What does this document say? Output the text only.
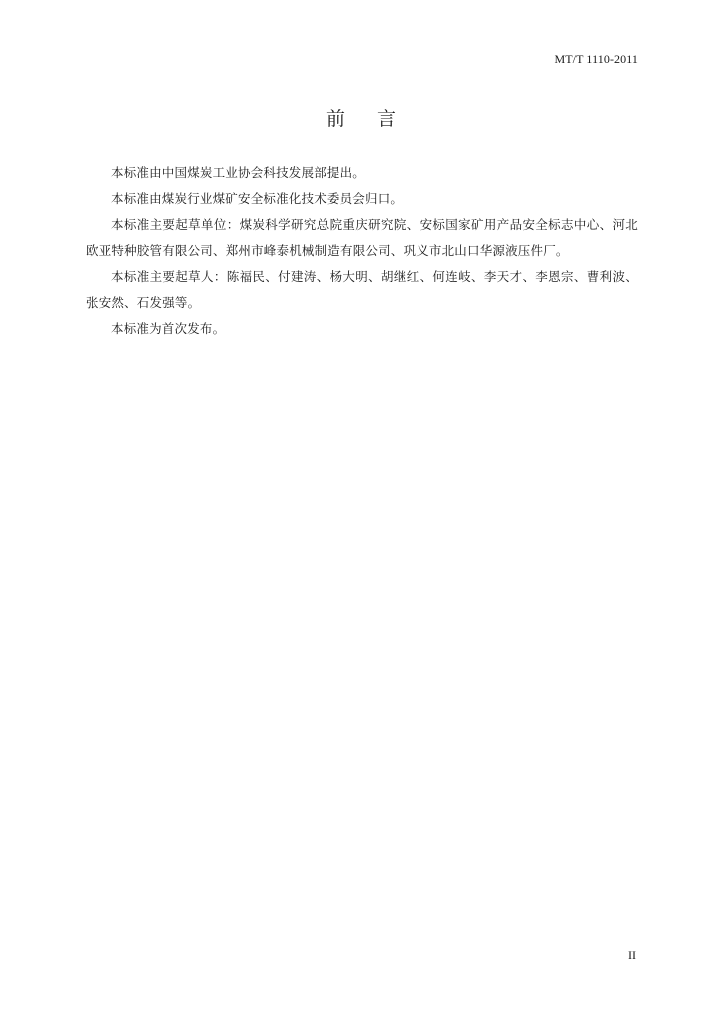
MT/T 1110-2011
前 言

本标准由中国煤炭工业协会科技发展部提出。

本标准由煤炭行业煤矿安全标准化技术委员会归口。

本标准主要起草单位：煤炭科学研究总院重庆研究院、安标国家矿用产品安全标志中心、河北欧亚特种胶管有限公司、郑州市峰泰机械制造有限公司、巩义市北山口华源液压件厂。

本标准主要起草人：陈福民、付建涛、杨大明、胡继红、何连岐、李天才、李恩宗、曹利波、张安然、石发强等。

本标准为首次发布。

II
